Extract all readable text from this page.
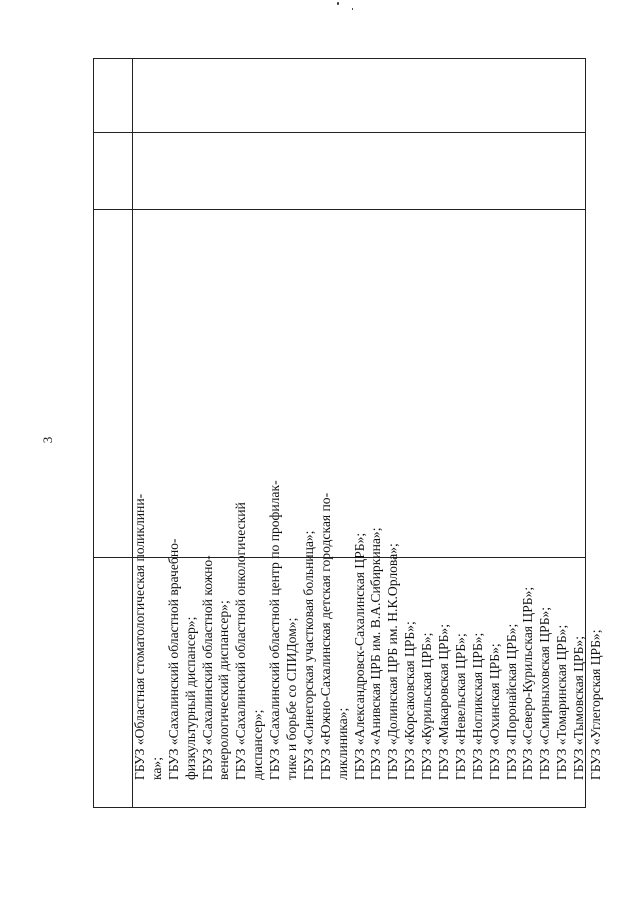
3
ГБУЗ «Областная стоматологическая поликлини- ка»; ГБУЗ «Сахалинский областной врачебно- физкультурный диспансер»; ГБУЗ «Сахалинский областной кожно- венерологический диспансер»; ГБУЗ «Сахалинский областной онкологический диспансер»; ГБУЗ «Сахалинский областной центр по профилак- тике и борьбе со СПИДом»; ГБУЗ «Синегорская участковая больница»; ГБУЗ «Южно-Сахалинская детская городская по- ликлиника»; ГБУЗ «Александровск-Сахалинская ЦРБ»; ГБУЗ «Анивская ЦРБ им. В.А.Сибиркина»; ГБУЗ «Долинская ЦРБ им. Н.К.Орлова»; ГБУЗ «Корсаковская ЦРБ»; ГБУЗ «Курильская ЦРБ»; ГБУЗ «Макаровская ЦРБ»; ГБУЗ «Невельская ЦРБ»; ГБУЗ «Ногликская ЦРБ»; ГБУЗ «Охинская ЦРБ»; ГБУЗ «Поронайская ЦРБ»; ГБУЗ «Северо-Курильская ЦРБ»; ГБУЗ «Смирныховская ЦРБ»; ГБУЗ «Томаринская ЦРБ»; ГБУЗ «Тымовская ЦРБ»; ГБУЗ «Углегорская ЦРБ»;
